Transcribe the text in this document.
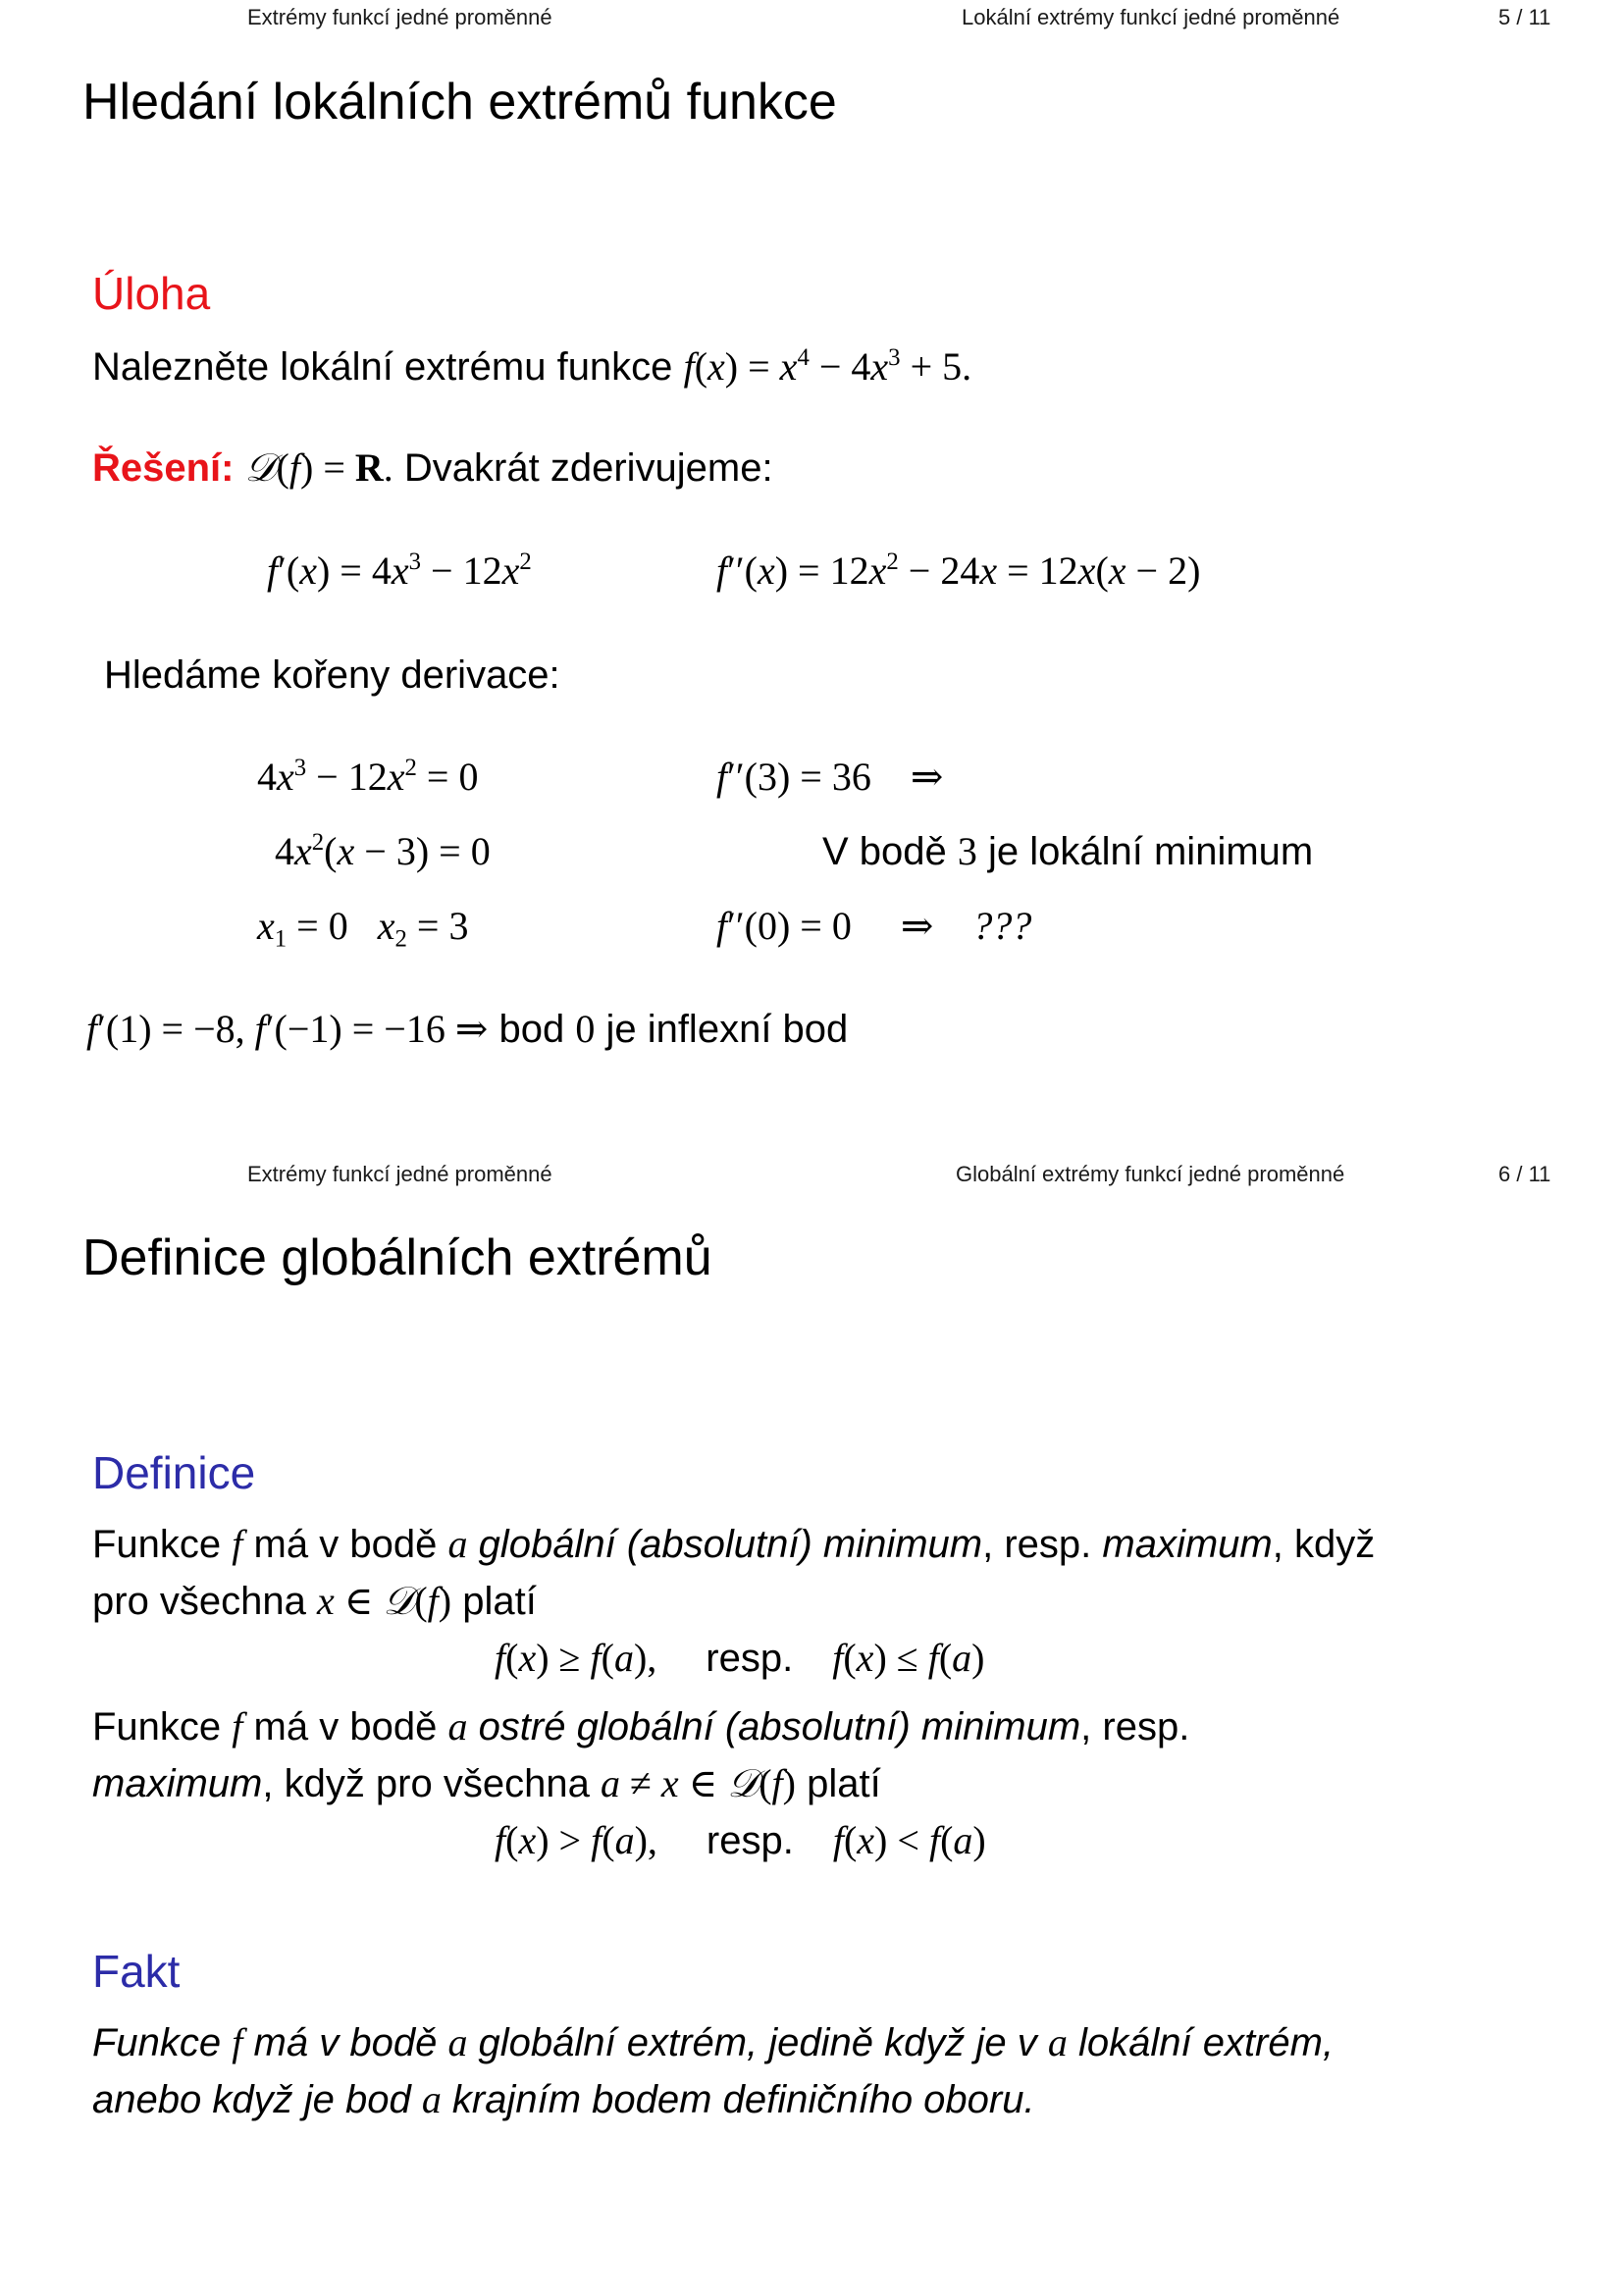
Extrémy funkcí jedné proměnné	Lokální extrémy funkcí jedné proměnné	5 / 11
Hledání lokálních extrémů funkce
Úloha
Nalezněte lokální extrému funkce $f(x) = x^4 - 4x^3 + 5$.
Řešení: 𝒟(f) = R. Dvakrát zderivujeme:
$f'(x) = 4x^3 - 12x^2$	$f''(x) = 12x^2 - 24x = 12x(x - 2)$
Hledáme kořeny derivace:
$4x^3 - 12x^2 = 0$
$4x^2(x - 3) = 0$
$x_1 = 0$   $x_2 = 3$
f′′(3) = 36    ⇒
V bodě 3 je lokální minimum
f′′(0) = 0     ⇒    ???
f′(1) = −8, f′(−1) = −16 ⇒ bod 0 je inflexní bod
Extrémy funkcí jedné proměnné	Globální extrémy funkcí jedné proměnné	6 / 11
Definice globálních extrémů
Definice
Funkce f má v bodě a globální (absolutní) minimum, resp. maximum, když
pro všechna x ∈ 𝒟(f) platí
f(x) ≥ f(a),     resp. f(x) ≤ f(a)
Funkce f má v bodě a ostré globální (absolutní) minimum, resp.
maximum, když pro všechna a ≠ x ∈ 𝒟(f) platí
f(x) > f(a),     resp. f(x) < f(a)
Fakt
Funkce f má v bodě a globální extrém, jedině když je v a lokální extrém,
anebo když je bod a krajním bodem definičního oboru.
